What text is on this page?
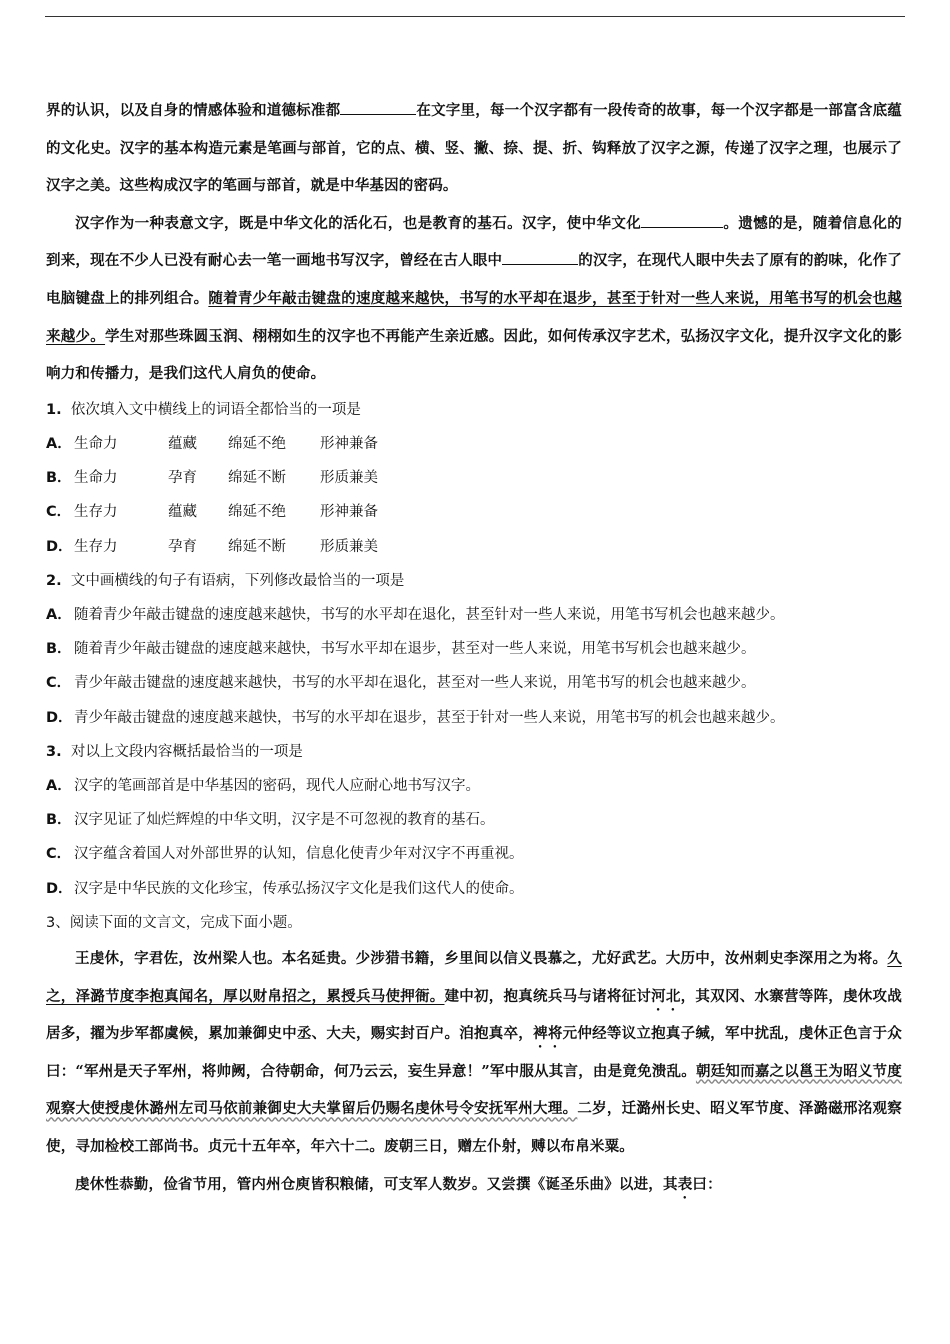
界的认识，以及自身的情感体验和道德标准都	在文字里，每一个汉字都有一段传奇的故事，每一个汉字都是一部富含底蕴的文化史。汉字的基本构造元素是笔画与部首，它的点、横、竖、撇、捺、提、折、钩释放了汉字之源，传递了汉字之理，也展示了汉字之美。这些构成汉字的笔画与部首，就是中华基因的密码。

汉字作为一种表意文字，既是中华文化的活化石，也是教育的基石。汉字，使中华文化	。遗憾的是，随着信息化的到来，现在不少人已没有耐心去一笔一画地书写汉字，曾经在古人眼中	的汉字，在现代人眼中失去了原有的韵味，化作了电脑键盘上的排列组合。随着青少年敲击键盘的速度越来越快，书写的水平却在退步，甚至于针对一些人来说，用笔书写的机会也越来越少。学生对那些珠圆玉润、栩栩如生的汉字也不再能产生亲近感。因此，如何传承汉字艺术，弘扬汉字文化，提升汉字文化的影响力和传播力，是我们这代人肩负的使命。

1. 依次填入文中横线上的词语全都恰当的一项是

A． 生命力	蕴藏 绵延不绝 形神兼备

B． 生命力	孕育 绵延不断 形质兼美

C． 生存力	蕴藏 绵延不绝 形神兼备

D．生存力	孕育 绵延不断 形质兼美

2. 文中画横线的句子有语病，下列修改最恰当的一项是

A． 随着青少年敲击键盘的速度越来越快，书写的水平却在退化，甚至针对一些人来说，用笔书写机会也越来越少。

B． 随着青少年敲击键盘的速度越来越快，书写水平却在退步，甚至对一些人来说，用笔书写机会也越来越少。

C． 青少年敲击键盘的速度越来越快，书写的水平却在退化，甚至对一些人来说，用笔书写的机会也越来越少。

D．青少年敲击键盘的速度越来越快，书写的水平却在退步，甚至于针对一些人来说，用笔书写的机会也越来越少。

3. 对以上文段内容概括最恰当的一项是

A． 汉字的笔画部首是中华基因的密码，现代人应耐心地书写汉字。

B． 汉字见证了灿烂辉煌的中华文明，汉字是不可忽视的教育的基石。

C． 汉字蕴含着国人对外部世界的认知，信息化使青少年对汉字不再重视。

D．汉字是中华民族的文化珍宝，传承弘扬汉字文化是我们这代人的使命。

3、阅读下面的文言文，完成下面小题。

王虔休，字君佐，汝州梁人也。本名延贵。少涉猎书籍，乡里间以信义畏慕之，尤好武艺。大历中，汝州刺史李深用之为将。久之，泽潞节度李抱真闻名，厚以财帛招之，累授兵马使押衙。建中初，抱真统兵马与诸将征讨河北，其双冈、水寨营等阵，虔休攻战居多，擢为步军都虞候，累加兼御史中丞、大夫，赐实封百户。洎抱真卒，裨将元仲经等议立抱真子缄，军中扰乱，虔休正色言于众曰：“军州是天子军州，将帅阙，合待朝命，何乃云云，妄生异意！”军中服从其言，由是竟免溃乱。朝廷知而嘉之以邕王为昭义节度观察大使授虔休潞州左司马依前兼御史大夫掌留后仍赐名虔休号令安抚军州大理。二岁，迁潞州长史、昭义军节度、泽潞磁邢洺观察使，寻加检校工部尚书。贞元十五年卒，年六十二。废朝三日，赠左仆射，赙以布帛米粟。

虔休性恭勤，俭省节用，管内州仓庾皆积粮储，可支军人数岁。又尝撰《诞圣乐曲》以进，其表曰：
